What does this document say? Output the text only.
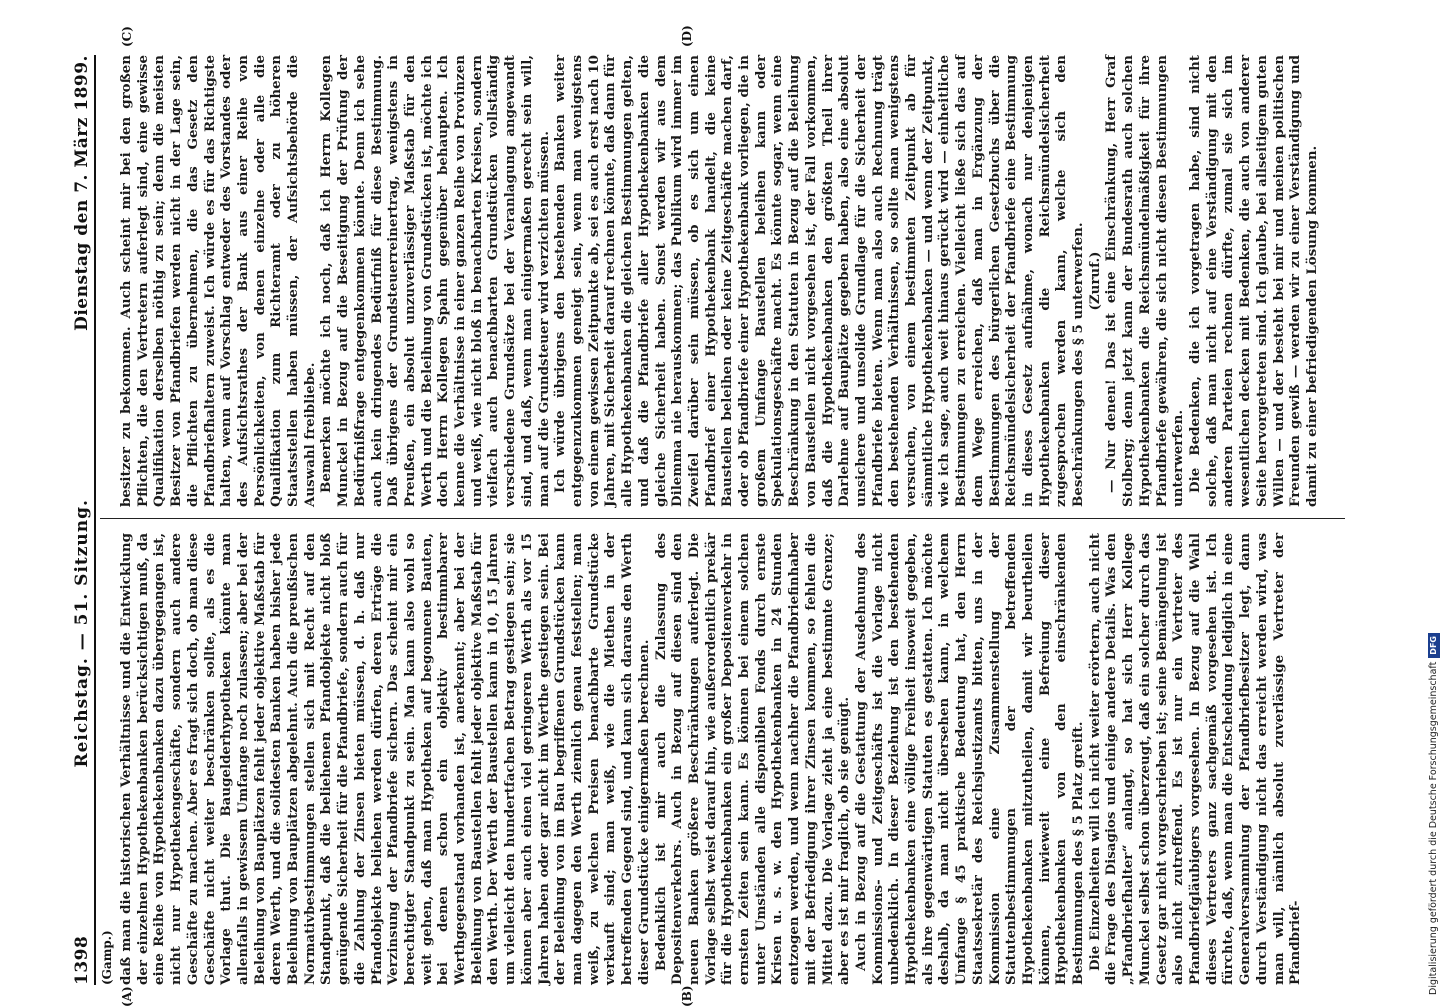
1398
Reichstag. — 51. Sitzung.
Dienstag den 7. März 1899.
(Gamp.)
(A)	(B)
(C)	(D)

daß man die historischen Verhältnisse und die Entwicklung der einzelnen Hypothekenbanken berücksichtigen muß, da eine Reihe von Hypothekenbanken dazu übergegangen ist, nicht nur Hypothekengeschäfte, sondern auch andere Geschäfte zu machen. Aber es fragt sich doch, ob man diese Geschäfte nicht weiter beschränken sollte, als es die Vorlage thut. Die Baugelderhypotheken könnte man allenfalls in gewissem Umfange noch zulassen; aber bei der Beleihung von Bauplätzen fehlt jeder objektive Maßstab für deren Werth, und die solidesten Banken haben bisher jede Beleihung von Bauplätzen abgelehnt. Auch die preußischen Normativbestimmungen stellen sich mit Recht auf den Standpunkt, daß die beliehenen Pfandobjekte nicht bloß genügende Sicherheit für die Pfandbriefe, sondern auch für die Zahlung der Zinsen bieten müssen, d. h. daß nur Pfandobjekte beliehen werden dürfen, deren Erträge die Verzinsung der Pfandbriefe sichern. Das scheint mir ein berechtigter Standpunkt zu sein. Man kann also wohl so weit gehen, daß man Hypotheken auf begonnene Bauten, bei denen schon ein objektiv bestimmbarer Werthgegenstand vorhanden ist, anerkennt; aber bei der Beleihung von Baustellen fehlt jeder objektive Maßstab für den Werth. Der Werth der Baustellen kann in 10, 15 Jahren um vielleicht den hundertfachen Betrag gestiegen sein; sie können aber auch einen viel geringeren Werth als vor 15 Jahren haben oder gar nicht im Werthe gestiegen sein. Bei der Beleihung von im Bau begriffenen Grundstücken kann man dagegen den Werth ziemlich genau feststellen; man weiß, zu welchen Preisen benachbarte Grundstücke verkauft sind; man weiß, wie die Miethen in der betreffenden Gegend sind, und kann sich daraus den Werth dieser Grundstücke einigermaßen berechnen. Bedenklich ist mir auch die Zulassung des Depositenverkehrs. Auch in Bezug auf diesen sind den neuen Banken größere Beschränkungen auferlegt. Die Vorlage selbst weist darauf hin, wie außerordentlich prekär für die Hypothekenbanken ein großer Depositenverkehr in ernsten Zeiten sein kann. Es können bei einem solchen unter Umständen alle disponiblen Fonds durch ernste Krisen u. s. w. den Hypothekenbanken in 24 Stunden entzogen werden, und wenn nachher die Pfandbriefinhaber mit der Befriedigung ihrer Zinsen kommen, so fehlen die Mittel dazu. Die Vorlage zieht ja eine bestimmte Grenze; aber es ist mir fraglich, ob sie genügt. Auch in Bezug auf die Gestattung der Ausdehnung des Kommissions- und Zeitgeschäfts ist die Vorlage nicht unbedenklich. In dieser Beziehung ist den bestehenden Hypothekenbanken eine völlige Freiheit insoweit gegeben, als ihre gegenwärtigen Statuten es gestatten. Ich möchte deshalb, da man nicht übersehen kann, in welchem Umfange § 45 praktische Bedeutung hat, den Herrn Staatssekretär des Reichsjustizamts bitten, uns in der Kommission eine Zusammenstellung der Statutenbestimmungen der betreffenden Hypothekenbanken mitzutheilen, damit wir beurtheilen können, inwieweit eine Befreiung dieser Hypothekenbanken von den einschränkenden Bestimmungen des § 5 Platz greift. Die Einzelheiten will ich nicht weiter erörtern, auch nicht die Frage des Disagios und einige andere Details. Was den „Pfandbriefhalter“ anlangt, so hat sich Herr Kollege Munckel selbst schon überzeugt, daß ein solcher durch das Gesetz gar nicht vorgeschrieben ist; seine Bemängelung ist also nicht zutreffend. Es ist nur ein Vertreter des Pfandbriefgläubigers vorgesehen. In Bezug auf die Wahl dieses Vertreters ganz sachgemäß vorgesehen ist. Ich fürchte, daß, wenn man die Entscheidung lediglich in eine Generalversammlung der Pfandbriefbesitzer legt, dann durch Verständigung nicht das erreicht werden wird, was man will, nämlich absolut zuverlässige Vertreter der Pfandbrief-

besitzer zu bekommen. Auch scheint mir bei den großen Pflichten, die den Vertretern auferlegt sind, eine gewisse Qualifikation derselben nöthig zu sein; denn die meisten Besitzer von Pfandbriefen werden nicht in der Lage sein, die Pflichten zu übernehmen, die das Gesetz den Pfandbriefhaltern zuweist. Ich würde es für das Richtigste halten, wenn auf Vorschlag entweder des Vorstandes oder des Aufsichtsrathes der Bank aus einer Reihe von Persönlichkeiten, von denen einzelne oder alle die Qualifikation zum Richteramt oder zu höheren Staatsstellen haben müssen, der Aufsichtsbehörde die Auswahl freibliebe. Bemerken möchte ich noch, daß ich Herrn Kollegen Munckel in Bezug auf die Beseitigung der Prüfung der Bedürfnißfrage entgegenkommen könnte. Denn ich sehe auch kein dringendes Bedürfniß für diese Bestimmung. Daß übrigens der Grundsteuerreinertrag, wenigstens in Preußen, ein absolut unzuverlässiger Maßstab für den Werth und die Beleihung von Grundstücken ist, möchte ich doch Herrn Kollegen Spahn gegenüber behaupten. Ich kenne die Verhältnisse in einer ganzen Reihe von Provinzen und weiß, wie nicht bloß in benachbarten Kreisen, sondern vielfach auch benachbarten Grundstücken vollständig verschiedene Grundsätze bei der Veranlagung angewandt sind, und daß, wenn man einigermaßen gerecht sein will, man auf die Grundsteuer wird verzichten müssen. Ich würde übrigens den bestehenden Banken weiter entgegenzukommen geneigt sein, wenn man wenigstens von einem gewissen Zeitpunkte ab, sei es auch erst nach 10 Jahren, mit Sicherheit darauf rechnen könnte, daß dann für alle Hypothekenbanken die gleichen Bestimmungen gelten, und daß die Pfandbriefe aller Hypothekenbanken die gleiche Sicherheit haben. Sonst werden wir aus dem Dilemma nie herauskommen; das Publikum wird immer im Zweifel darüber sein müssen, ob es sich um einen Pfandbrief einer Hypothekenbank handelt, die keine Baustellen beleihen oder keine Zeitgeschäfte machen darf, oder ob Pfandbriefe einer Hypothekenbank vorliegen, die in großem Umfange Baustellen beleihen kann oder Spekulationsgeschäfte macht. Es könnte sogar, wenn eine Beschränkung in den Statuten in Bezug auf die Beleihung von Baustellen nicht vorgesehen ist, der Fall vorkommen, daß die Hypothekenbanken den größten Theil ihrer Darlehne auf Bauplätze gegeben haben, also eine absolut unsichere und unsolide Grundlage für die Sicherheit der Pfandbriefe bieten. Wenn man also auch Rechnung trägt den bestehenden Verhältnissen, so sollte man wenigstens versuchen, von einem bestimmten Zeitpunkt ab für sämmtliche Hypothekenbanken — und wenn der Zeitpunkt, wie ich sage, auch weit hinaus gerückt wird — einheitliche Bestimmungen zu erreichen. Vielleicht ließe sich das auf dem Wege erreichen, daß man in Ergänzung der Bestimmungen des bürgerlichen Gesetzbuchs über die Reichsmündelsicherheit der Pfandbriefe eine Bestimmung in dieses Gesetz aufnähme, wonach nur denjenigen Hypothekenbanken die Reichsmündelsicherheit zugesprochen werden kann, welche sich den Beschränkungen des § 5 unterwerfen. (Zuruf.) — Nur denen! Das ist eine Einschränkung, Herr Graf Stolberg; denn jetzt kann der Bundesrath auch solchen Hypothekenbanken die Reichsmündelmäßigkeit für ihre Pfandbriefe gewähren, die sich nicht diesen Bestimmungen unterwerfen. Die Bedenken, die ich vorgetragen habe, sind nicht solche, daß man nicht auf eine Verständigung mit den anderen Parteien rechnen dürfte, zumal sie sich im wesentlichen decken mit Bedenken, die auch von anderer Seite hervorgetreten sind. Ich glaube, bei allseitigem guten Willen — und der besteht bei mir und meinen politischen Freunden gewiß — werden wir zu einer Verständigung und damit zu einer befriedigenden Lösung kommen.

Digitalisierung gefördert durch die Deutsche Forschungsgemeinschaft
DFG
